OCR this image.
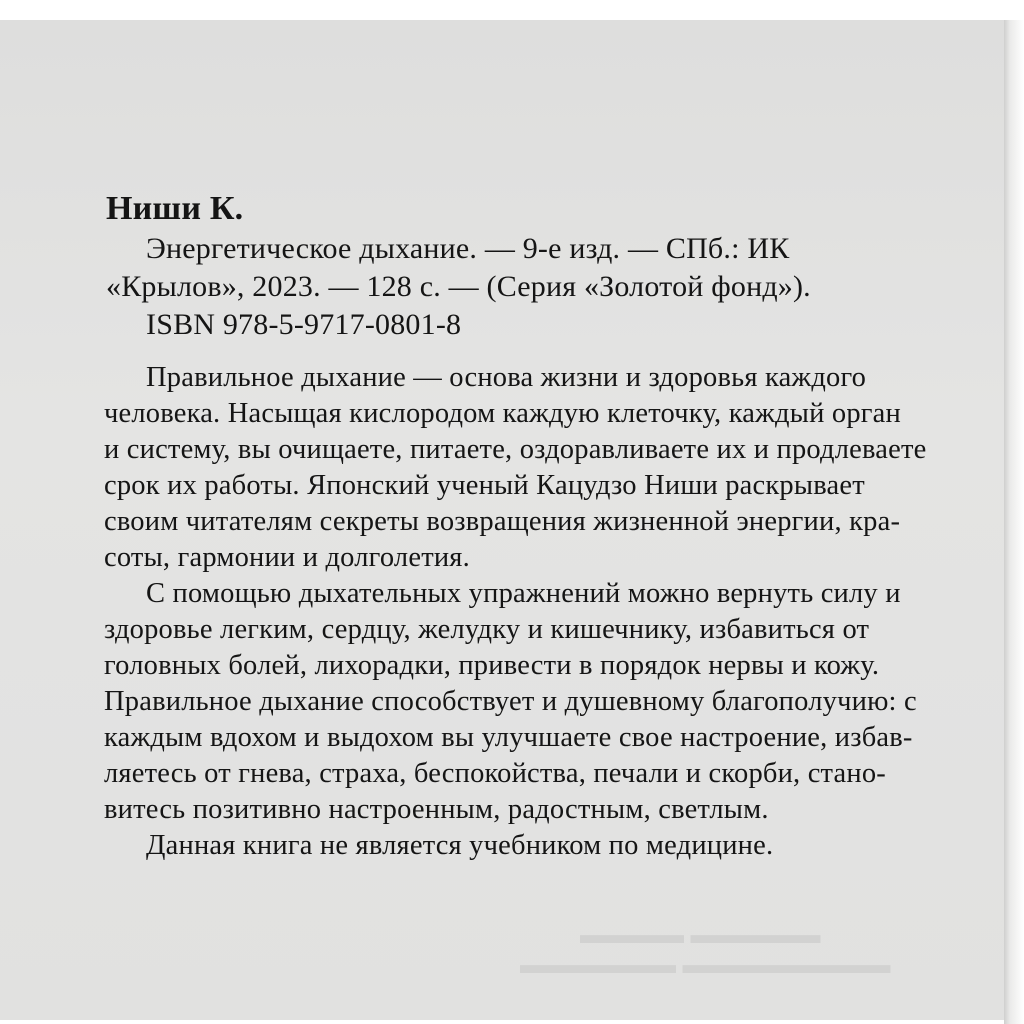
Ниши К.
Энергетическое дыхание. — 9-е изд. — СПб.: ИК
«Крылов», 2023. — 128 с. — (Серия «Золотой фонд»).
ISBN 978-5-9717-0801-8
Правильное дыхание — основа жизни и здоровья каждого
человека. Насыщая кислородом каждую клеточку, каждый орган
и систему, вы очищаете, питаете, оздоравливаете их и продлеваете
срок их работы. Японский ученый Кацудзо Ниши раскрывает
своим читателям секреты возвращения жизненной энергии, кра-
соты, гармонии и долголетия.
С помощью дыхательных упражнений можно вернуть силу и
здоровье легким, сердцу, желудку и кишечнику, избавиться от
головных болей, лихорадки, привести в порядок нервы и кожу.
Правильное дыхание способствует и душевному благополучию: с
каждым вдохом и выдохом вы улучшаете свое настроение, избав-
ляетесь от гнева, страха, беспокойства, печали и скорби, стано-
витесь позитивно настроенным, радостным, светлым.
Данная книга не является учебником по медицине.
▬▬▬▬▬ ▬▬▬▬
▬▬▬▬▬▬▬▬ ▬▬▬▬▬▬
